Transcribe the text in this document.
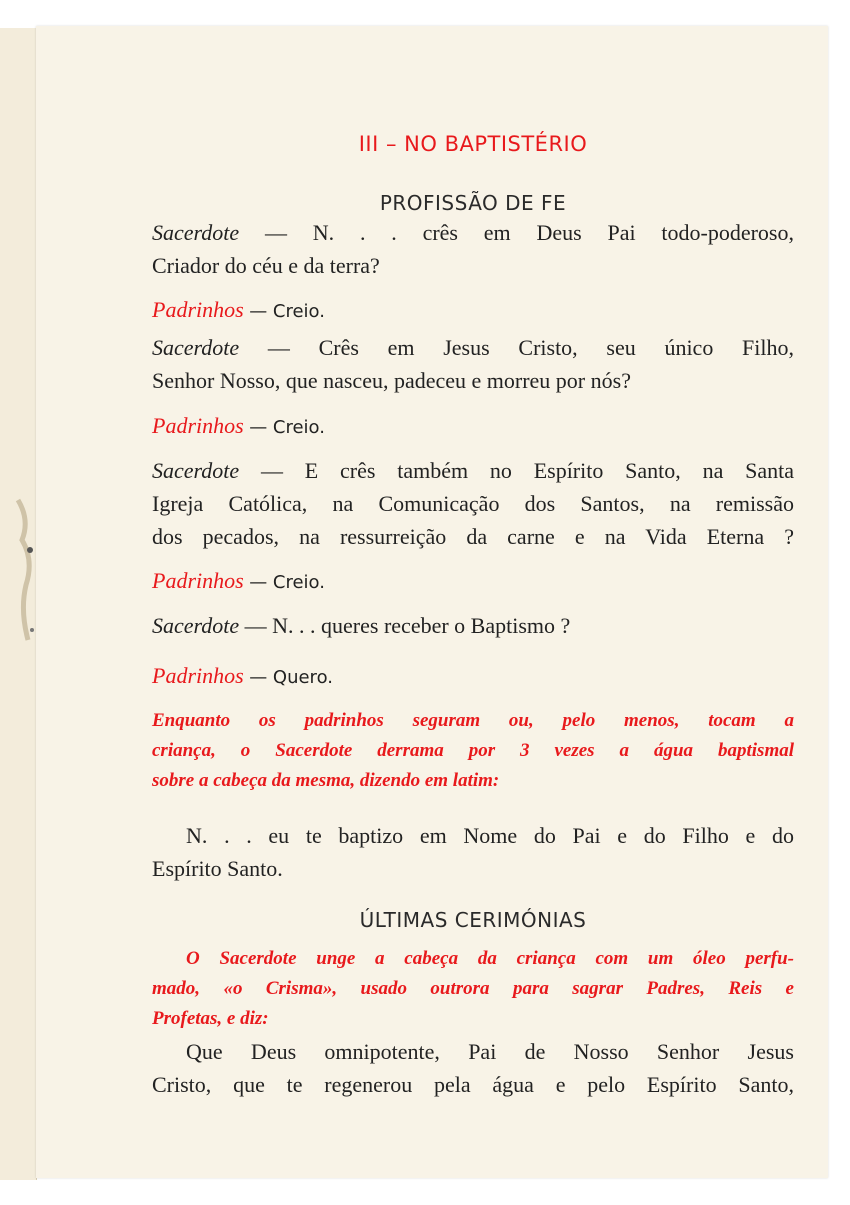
III – NO BAPTISTÉRIO
PROFISSÃO DE FE
Sacerdote — N. . . crês em Deus Pai todo-poderoso,
Criador do céu e da terra?
Padrinhos — Creio.
Sacerdote — Crês em Jesus Cristo, seu único Filho,
Senhor Nosso, que nasceu, padeceu e morreu por nós?
Padrinhos — Creio.
Sacerdote — E crês também no Espírito Santo, na Santa
Igreja Católica, na Comunicação dos Santos, na remissão
dos pecados, na ressurreição da carne e na Vida Eterna ?
Padrinhos — Creio.
Sacerdote — N. . . queres receber o Baptismo ?
Padrinhos — Quero.
Enquanto os padrinhos seguram ou, pelo menos, tocam a
criança, o Sacerdote derrama por 3 vezes a água baptismal
sobre a cabeça da mesma, dizendo em latim:
N. . . eu te baptizo em Nome do Pai e do Filho e do
Espírito Santo.
ÚLTIMAS CERIMÓNIAS
O Sacerdote unge a cabeça da criança com um óleo perfu-
mado, «o Crisma», usado outrora para sagrar Padres, Reis e
Profetas, e diz:
Que Deus omnipotente, Pai de Nosso Senhor Jesus
Cristo, que te regenerou pela água e pelo Espírito Santo,
